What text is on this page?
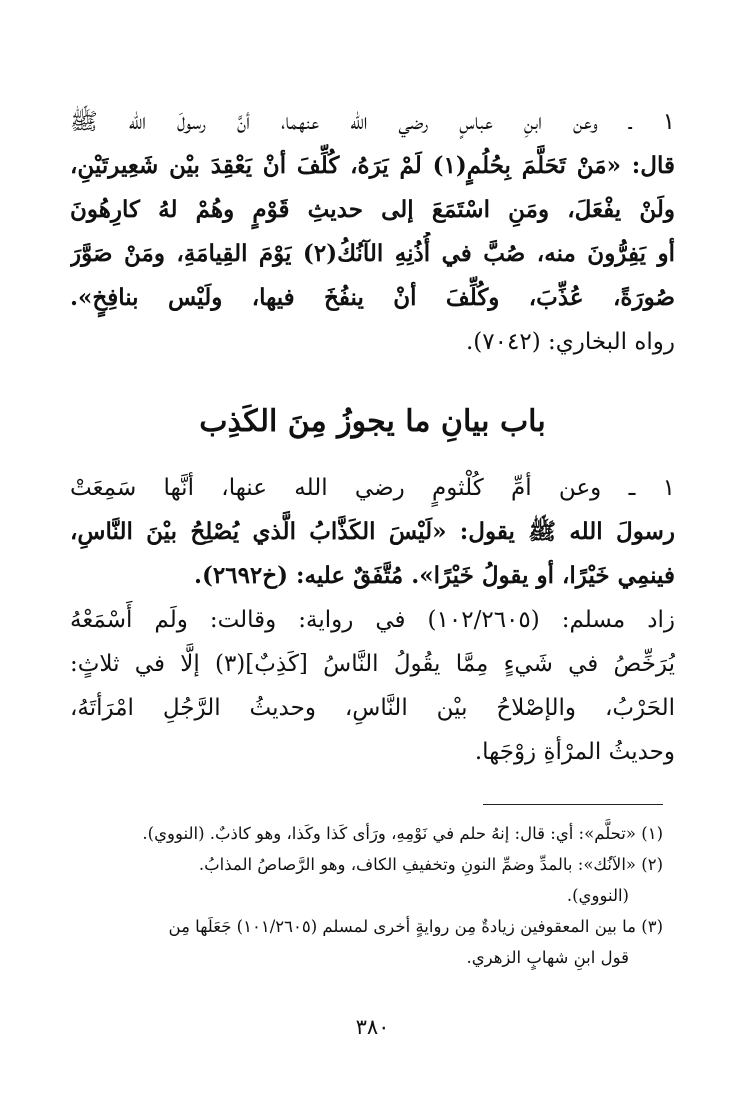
١ ـ وعن ابنِ عباسٍ رضي الله عنهما، أنَّ رسولَ الله ﷺ
قال: «مَنْ تَحَلَّمَ بِحُلُمٍ(١) لَمْ يَرَهُ، كُلِّفَ أنْ يَعْقِدَ بيْن شَعِيرتَيْنِ،
ولَنْ يفْعَلَ، ومَنِ اسْتَمَعَ إلى حديثِ قَوْمٍ وهُمْ لهُ كارِهُونَ
أو يَفِرُّونَ منه، صُبَّ في أُذُنِهِ الآنُكُ(٢) يَوْمَ القِيامَةِ، ومَنْ صَوَّرَ
صُورَةً، عُذِّبَ، وكُلِّفَ أنْ ينفُخَ فيها، ولَيْس بنافِخٍ».
رواه البخاري: (٧٠٤٢).
باب بيانِ ما يجوزُ مِنَ الكَذِب
١ ـ وعن أمِّ كُلْثومٍ رضي الله عنها، أنَّها سَمِعَتْ
رسولَ الله ﷺ يقول: «لَيْسَ الكَذَّابُ الَّذي يُصْلِحُ بيْنَ النَّاسِ،
فينمِي خَيْرًا، أو يقولُ خَيْرًا». مُتَّفَقٌ عليه: (خ٢٦٩٢).
زاد مسلم: (١٠٢/٢٦٠٥) في رواية: وقالت: ولَم أَسْمَعْهُ
يُرَخِّصُ في شَيءٍ مِمَّا يقُولُ النَّاسُ [كَذِبٌ](٣) إلَّا في ثلاثٍ:
الحَرْبُ، والإصْلاحُ بيْن النَّاسِ، وحديثُ الرَّجُلِ امْرَأتَهُ،
وحديثُ المرْأةِ زوْجَها.
(١) «تحلَّم»: أي: قال: إنهُ حلم في نَوْمِهِ، ورَأى كَذا وكَذا، وهو كاذبٌ. (النووي).
(٢) «الآنُك»: بالمدِّ وضمِّ النونِ وتخفيفِ الكاف، وهو الرَّصاصُ المذابُ.
(النووي).
(٣) ما بين المعقوفين زيادةٌ مِن روايةٍ أخرى لمسلم (١٠١/٢٦٠٥) جَعَلَها مِن
قول ابنِ شهابٍ الزهري.
٣٨٠
